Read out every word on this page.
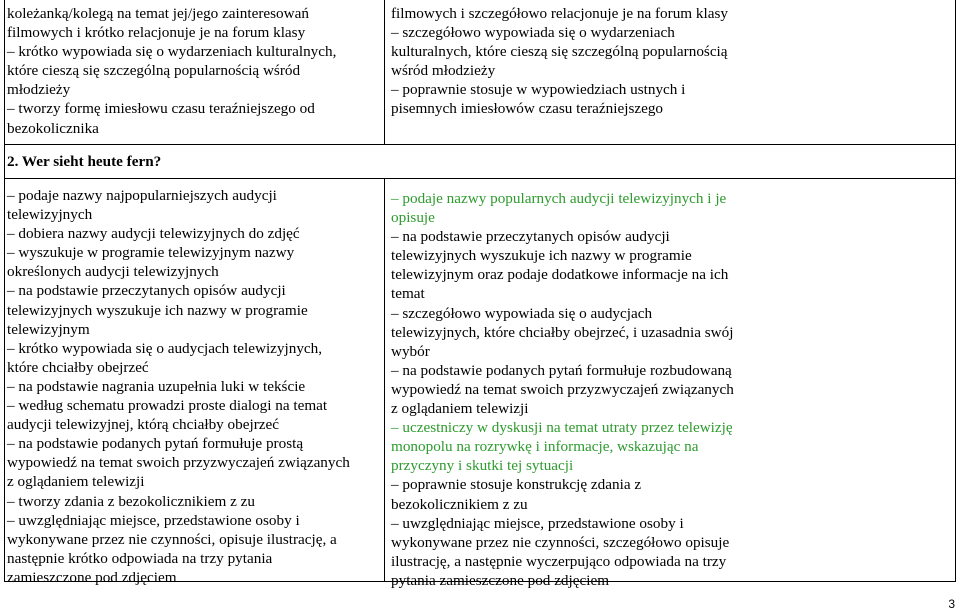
koleżanką/kolegą na temat jej/jego zainteresowań
filmowych i krótko relacjonuje je na forum klasy
– krótko wypowiada się o wydarzeniach kulturalnych,
które cieszą się szczególną popularnością wśród
młodzieży
– tworzy formę imiesłowu czasu teraźniejszego od
bezokolicznika
filmowych i szczegółowo relacjonuje je na forum klasy
– szczegółowo wypowiada się o wydarzeniach
kulturalnych, które cieszą się szczególną popularnością
wśród młodzieży
– poprawnie stosuje w wypowiedziach ustnych i
pisemnych imiesłowów czasu teraźniejszego
2. Wer sieht heute fern?
– podaje nazwy najpopularniejszych audycji
telewizyjnych
– dobiera nazwy audycji telewizyjnych do zdjęć
– wyszukuje w programie telewizyjnym nazwy
określonych audycji telewizyjnych
– na podstawie przeczytanych opisów audycji
telewizyjnych wyszukuje ich nazwy w programie
telewizyjnym
– krótko wypowiada się o audycjach telewizyjnych,
które chciałby obejrzeć
– na podstawie nagrania uzupełnia luki w tekście
– według schematu prowadzi proste dialogi na temat
audycji telewizyjnej, którą chciałby obejrzeć
– na podstawie podanych pytań formułuje prostą
wypowiedź na temat swoich przyzwyczajeń związanych
z oglądaniem telewizji
– tworzy zdania z bezokolicznikiem z zu
– uwzględniając miejsce, przedstawione osoby i
wykonywane przez nie czynności, opisuje ilustrację, a
następnie krótko odpowiada na trzy pytania
zamieszczone pod zdjęciem
– podaje nazwy popularnych audycji telewizyjnych i je
opisuje
– na podstawie przeczytanych opisów audycji
telewizyjnych wyszukuje ich nazwy w programie
telewizyjnym oraz podaje dodatkowe informacje na ich
temat
– szczegółowo wypowiada się o audycjach
telewizyjnych, które chciałby obejrzeć, i uzasadnia swój
wybór
– na podstawie podanych pytań formułuje rozbudowaną
wypowiedź na temat swoich przyzwyczajeń związanych
z oglądaniem telewizji
– uczestniczy w dyskusji na temat utraty przez telewizję
monopolu na rozrywkę i informacje, wskazując na
przyczyny i skutki tej sytuacji
– poprawnie stosuje konstrukcję zdania z
bezokolicznikiem z zu
– uwzględniając miejsce, przedstawione osoby i
wykonywane przez nie czynności, szczegółowo opisuje
ilustrację, a następnie wyczerpująco odpowiada na trzy
pytania zamieszczone pod zdjęciem
3
